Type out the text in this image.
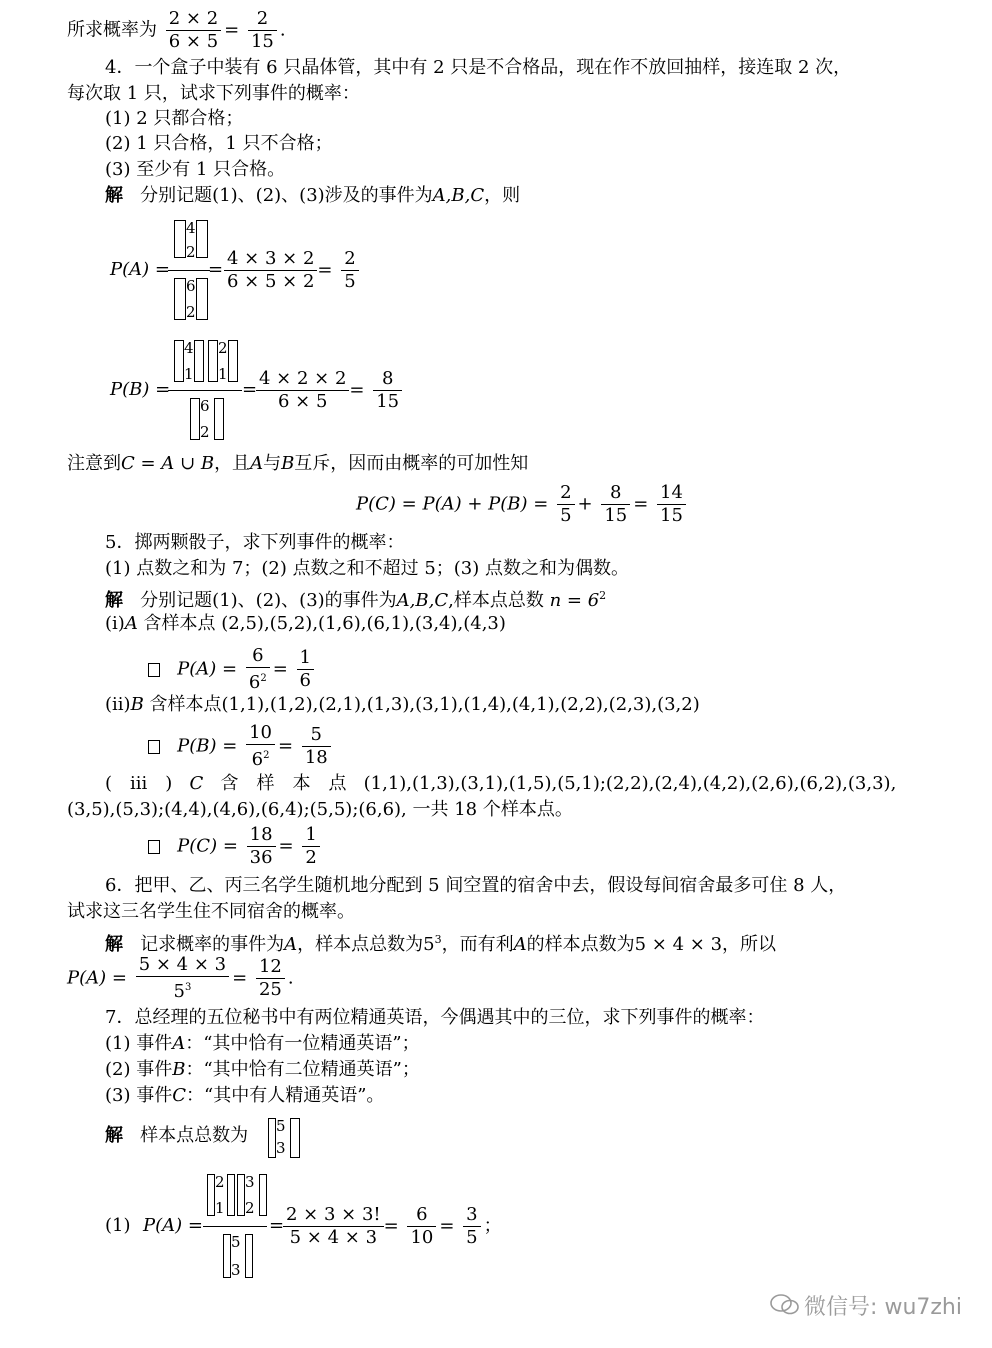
所求概率为 $\frac{2 \times 2}{6 \times 5} = \frac{2}{15}$ .
4．一个盒子中装有 6 只晶体管，其中有 2 只是不合格品，现在作不放回抽样，接连取 2 次，
每次取 1 只，试求下列事件的概率：
(1) 2 只都合格；
(2) 1 只合格，1 只不合格；
(3) 至少有 1 只合格。
解 分别记题(1)、(2)、(3)涉及的事件为A,B,C，则
P(A) =
4
2
6
2
= $\frac{4 \times 3 \times 2}{6 \times 5 \times 2} = \frac{2}{5}$
P(B) =
4
1
2
1
6
2
=
$\frac{4 \times 2 \times 2}{6 \times 5} = \frac{8}{15}$
注意到C = A ∪ B，且A与B互斥，因而由概率的可加性知
$P(C) = P(A) + P(B) = \frac{2}{5} + \frac{8}{15} = \frac{14}{15}$
5．掷两颗骰子，求下列事件的概率：
(1) 点数之和为 7；(2) 点数之和不超过 5；(3) 点数之和为偶数。
解 分别记题(1)、(2)、(3)的事件为A,B,C,样本点总数 $n = 6^2$
(ⅰ)A 含样本点 (2,5),(5,2),(1,6),(6,1),(3,4),(4,3)
$P(A) = \frac{6}{6^2} = \frac{1}{6}$
(ⅱ)B 含样本点(1,1),(1,2),(2,1),(1,3),(3,1),(1,4),(4,1),(2,2),(2,3),(3,2)
$P(B) = \frac{10}{6^2} = \frac{5}{18}$
(　ⅲ　) C 含　样　本　点 (1,1),(1,3),(3,1),(1,5),(5,1);(2,2),(2,4),(4,2),(2,6),(6,2),(3,3),
(3,5),(5,3);(4,4),(4,6),(6,4);(5,5);(6,6), 一共 18 个样本点。
$P(C) = \frac{18}{36} = \frac{1}{2}$
6．把甲、乙、丙三名学生随机地分配到 5 间空置的宿舍中去，假设每间宿舍最多可住 8 人，
试求这三名学生住不同宿舍的概率。
解 记求概率的事件为A，样本点总数为$5^3$，而有利A的样本点数为5 × 4 × 3，所以
$P(A) = \frac{5 \times 4 \times 3}{5^3} = \frac{12}{25}$ .
7．总经理的五位秘书中有两位精通英语，今偶遇其中的三位，求下列事件的概率：
(1) 事件A：“其中恰有一位精通英语”；
(2) 事件B：“其中恰有二位精通英语”；
(3) 事件C：“其中有人精通英语”。
解 样本点总数为 5
3
(1) P(A) =
2
1
3
2
5
3
=
$\frac{2 \times 3 \times 3!}{5 \times 4 \times 3} = \frac{6}{10} = \frac{3}{5}$ ；
微信号: wu7zhi
